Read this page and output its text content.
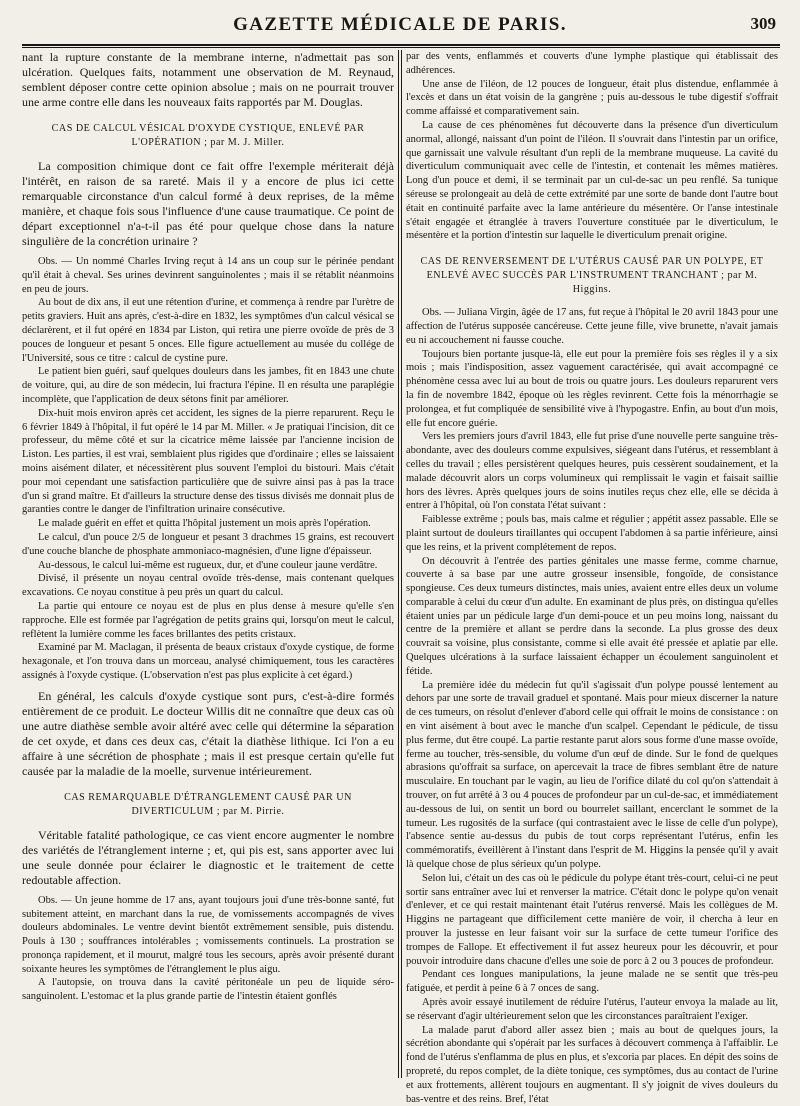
GAZETTE MÉDICALE DE PARIS.	309

nant la rupture constante de la membrane interne, n'admettait pas son ulcération. Quelques faits, notamment une observation de M. Reynaud, semblent déposer contre cette opinion absolue ; mais on ne pourrait trouver une arme contre elle dans les nouveaux faits rapportés par M. Douglas.

CAS DE CALCUL VÉSICAL D'OXYDE CYSTIQUE, ENLEVÉ PAR L'OPÉRATION ; par M. J. Miller.

La composition chimique dont ce fait offre l'exemple mériterait déjà l'intérêt, en raison de sa rareté. Mais il y a encore de plus ici cette remarquable circonstance d'un calcul formé à deux reprises, de la même manière, et chaque fois sous l'influence d'une cause traumatique. Ce point de départ exceptionnel n'a-t-il pas été pour quelque chose dans la nature singulière de la concrétion urinaire ?

Obs. — Un nommé Charles Irving reçut à 14 ans un coup sur le périnée pendant qu'il était à cheval. Ses urines devinrent sanguinolentes ; mais il se rétablit néanmoins en peu de jours.

Au bout de dix ans, il eut une rétention d'urine, et commença à rendre par l'urètre de petits graviers. Huit ans après, c'est-à-dire en 1832, les symptômes d'un calcul vésical se déclarèrent, et il fut opéré en 1834 par Liston, qui retira une pierre ovoïde de près de 3 pouces de longueur et pesant 5 onces. Elle figure actuellement au musée du collége de l'Université, sous ce titre : calcul de cystine pure.

Le patient bien guéri, sauf quelques douleurs dans les jambes, fit en 1843 une chute de voiture, qui, au dire de son médecin, lui fractura l'épine. Il en résulta une paraplégie incomplète, que l'application de deux sétons finit par améliorer.

Dix-huit mois environ après cet accident, les signes de la pierre reparurent. Reçu le 6 février 1849 à l'hôpital, il fut opéré le 14 par M. Miller. « Je pratiquai l'incision, dit ce professeur, du même côté et sur la cicatrice même laissée par l'ancienne incision de Liston. Les parties, il est vrai, semblaient plus rigides que d'ordinaire ; elles se laissaient moins aisément dilater, et nécessitèrent plus souvent l'emploi du bistouri. Mais c'était pour moi cependant une satisfaction particulière que de suivre ainsi pas à pas la trace d'un si grand maître. Et d'ailleurs la structure dense des tissus divisés me donnait plus de garanties contre le danger de l'infiltration urinaire consécutive.

Le malade guérit en effet et quitta l'hôpital justement un mois après l'opération.

Le calcul, d'un pouce 2/5 de longueur et pesant 3 drachmes 15 grains, est recouvert d'une couche blanche de phosphate ammoniaco-magnésien, d'une ligne d'épaisseur.

Au-dessous, le calcul lui-même est rugueux, dur, et d'une couleur jaune verdâtre.

Divisé, il présente un noyau central ovoïde très-dense, mais contenant quelques excavations. Ce noyau constitue à peu près un quart du calcul.

La partie qui entoure ce noyau est de plus en plus dense à mesure qu'elle s'en rapproche. Elle est formée par l'agrégation de petits grains qui, lorsqu'on meut le calcul, reflètent la lumière comme les faces brillantes des petits cristaux.

Examiné par M. Maclagan, il présenta de beaux cristaux d'oxyde cystique, de forme hexagonale, et l'on trouva dans un morceau, analysé chimiquement, tous les caractères assignés à l'oxyde cystique. (L'observation n'est pas plus explicite à cet égard.)

En général, les calculs d'oxyde cystique sont purs, c'est-à-dire formés entièrement de ce produit. Le docteur Willis dit ne connaître que deux cas où une autre diathèse semble avoir altéré avec celle qui détermine la séparation de cet oxyde, et dans ces deux cas, c'était la diathèse lithique. Ici l'on a eu affaire à une sécrétion de phosphate ; mais il est presque certain qu'elle fut causée par la maladie de la moelle, survenue intérieurement.

CAS REMARQUABLE D'ÉTRANGLEMENT CAUSÉ PAR UN DIVERTICULUM ; par M. Pirrie.

Véritable fatalité pathologique, ce cas vient encore augmenter le nombre des variétés de l'étranglement interne ; et, qui pis est, sans apporter avec lui une seule donnée pour éclairer le diagnostic et le traitement de cette redoutable affection.

Obs. — Un jeune homme de 17 ans, ayant toujours joui d'une très-bonne santé, fut subitement atteint, en marchant dans la rue, de vomissements accompagnés de vives douleurs abdominales. Le ventre devint bientôt extrêmement sensible, puis distendu. Pouls à 130 ; souffrances intolérables ; vomissements continuels. La prostration se prononça rapidement, et il mourut, malgré tous les secours, après avoir présenté durant soixante heures les symptômes de l'étranglement le plus aigu.

A l'autopsie, on trouva dans la cavité péritonéale un peu de liquide séro-sanguinolent. L'estomac et la plus grande partie de l'intestin étaient gonflés

par des vents, enflammés et couverts d'une lymphe plastique qui établissait des adhérences.

Une anse de l'iléon, de 12 pouces de longueur, était plus distendue, enflammée à l'excès et dans un état voisin de la gangrène ; puis au-dessous le tube digestif s'offrait comme affaissé et comparativement sain.

La cause de ces phénomènes fut découverte dans la présence d'un diverticulum anormal, allongé, naissant d'un point de l'iléon. Il s'ouvrait dans l'intestin par un orifice, que garnissait une valvule résultant d'un repli de la membrane muqueuse. La cavité du diverticulum communiquait avec celle de l'intestin, et contenait les mêmes matières. Long d'un pouce et demi, il se terminait par un cul-de-sac un peu renflé. Sa tunique séreuse se prolongeait au delà de cette extrémité par une sorte de bande dont l'autre bout était en continuité parfaite avec la lame antérieure du mésentère. Or l'anse intestinale s'était engagée et étranglée à travers l'ouverture constituée par le diverticulum, le mésentère et la portion d'intestin sur laquelle le diverticulum prenait origine.

CAS DE RENVERSEMENT DE L'UTÉRUS CAUSÉ PAR UN POLYPE, ET ENLEVÉ AVEC SUCCÈS PAR L'INSTRUMENT TRANCHANT ; par M. Higgins.

Obs. — Juliana Virgin, âgée de 17 ans, fut reçue à l'hôpital le 20 avril 1843 pour une affection de l'utérus supposée cancéreuse. Cette jeune fille, vive brunette, n'avait jamais eu ni accouchement ni fausse couche.

Toujours bien portante jusque-là, elle eut pour la première fois ses règles il y a six mois ; mais l'indisposition, assez vaguement caractérisée, qui avait accompagné ce phénomène cessa avec lui au bout de trois ou quatre jours. Les douleurs reparurent vers la fin de novembre 1842, époque où les règles revinrent. Cette fois la ménorrhagie se prolongea, et fut compliquée de sensibilité vive à l'hypogastre. Enfin, au bout d'un mois, elle fut encore guérie.

Vers les premiers jours d'avril 1843, elle fut prise d'une nouvelle perte sanguine très-abondante, avec des douleurs comme expulsives, siégeant dans l'utérus, et ressemblant à celles du travail ; elles persistèrent quelques heures, puis cessèrent soudainement, et la malade découvrit alors un corps volumineux qui remplissait le vagin et faisait saillie hors des lèvres. Après quelques jours de soins inutiles reçus chez elle, elle se décida à entrer à l'hôpital, où l'on constata l'état suivant :

Faiblesse extrême ; pouls bas, mais calme et régulier ; appétit assez passable. Elle se plaint surtout de douleurs tiraillantes qui occupent l'abdomen à sa partie inférieure, ainsi que les reins, et la privent complétement de repos.

On découvrit à l'entrée des parties génitales une masse ferme, comme charnue, couverte à sa base par une autre grosseur insensible, fongoïde, de consistance spongieuse. Ces deux tumeurs distinctes, mais unies, avaient entre elles deux un volume comparable à celui du cœur d'un adulte. En examinant de plus près, on distingua qu'elles étaient unies par un pédicule large d'un demi-pouce et un peu moins long, naissant du centre de la première et allant se perdre dans la seconde. La plus grosse des deux couvrait sa voisine, plus consistante, comme si elle avait été pressée et aplatie par elle. Quelques ulcérations à la surface laissaient échapper un écoulement sanguinolent et fétide.

La première idée du médecin fut qu'il s'agissait d'un polype poussé lentement au dehors par une sorte de travail graduel et spontané. Mais pour mieux discerner la nature de ces tumeurs, on résolut d'enlever d'abord celle qui offrait le moins de consistance : on en vint aisément à bout avec le manche d'un scalpel. Cependant le pédicule, de tissu plus ferme, dut être coupé. La partie restante parut alors sous forme d'une masse ovoïde, ferme au toucher, très-sensible, du volume d'un œuf de dinde. Sur le fond de quelques abrasions qu'offrait sa surface, on apercevait la trace de fibres semblant être de nature musculaire. En touchant par le vagin, au lieu de l'orifice dilaté du col qu'on s'attendait à trouver, on fut arrêté à 3 ou 4 pouces de profondeur par un cul-de-sac, et immédiatement au-dessous de lui, on sentit un bord ou bourrelet saillant, encerclant le sommet de la tumeur. Les rugosités de la surface (qui contrastaient avec le lisse de celle d'un polype), l'absence sentie au-dessus du pubis de tout corps représentant l'utérus, enfin les commémoratifs, éveillèrent à l'instant dans l'esprit de M. Higgins la pensée qu'il y avait là quelque chose de plus sérieux qu'un polype.

Selon lui, c'était un des cas où le pédicule du polype étant très-court, celui-ci ne peut sortir sans entraîner avec lui et renverser la matrice. C'était donc le polype qu'on venait d'enlever, et ce qui restait maintenant était l'utérus renversé. Mais les collègues de M. Higgins ne partageant que difficilement cette manière de voir, il chercha à leur en prouver la justesse en leur faisant voir sur la surface de cette tumeur l'orifice des trompes de Fallope. Et effectivement il fut assez heureux pour les découvrir, et pour pouvoir introduire dans chacune d'elles une soie de porc à 2 ou 3 pouces de profondeur.

Pendant ces longues manipulations, la jeune malade ne se sentit que très-peu fatiguée, et perdit à peine 6 à 7 onces de sang.

Après avoir essayé inutilement de réduire l'utérus, l'auteur envoya la malade au lit, se réservant d'agir ultérieurement selon que les circonstances paraîtraient l'exiger.

La malade parut d'abord aller assez bien ; mais au bout de quelques jours, la sécrétion abondante qui s'opérait par les surfaces à découvert commença à l'affaiblir. Le fond de l'utérus s'enflamma de plus en plus, et s'excoria par places. En dépit des soins de propreté, du repos complet, de la diète tonique, ces symptômes, dus au contact de l'urine et aux frottements, allèrent toujours en augmentant. Il s'y joignit de vives douleurs du bas-ventre et des reins. Bref, l'état
